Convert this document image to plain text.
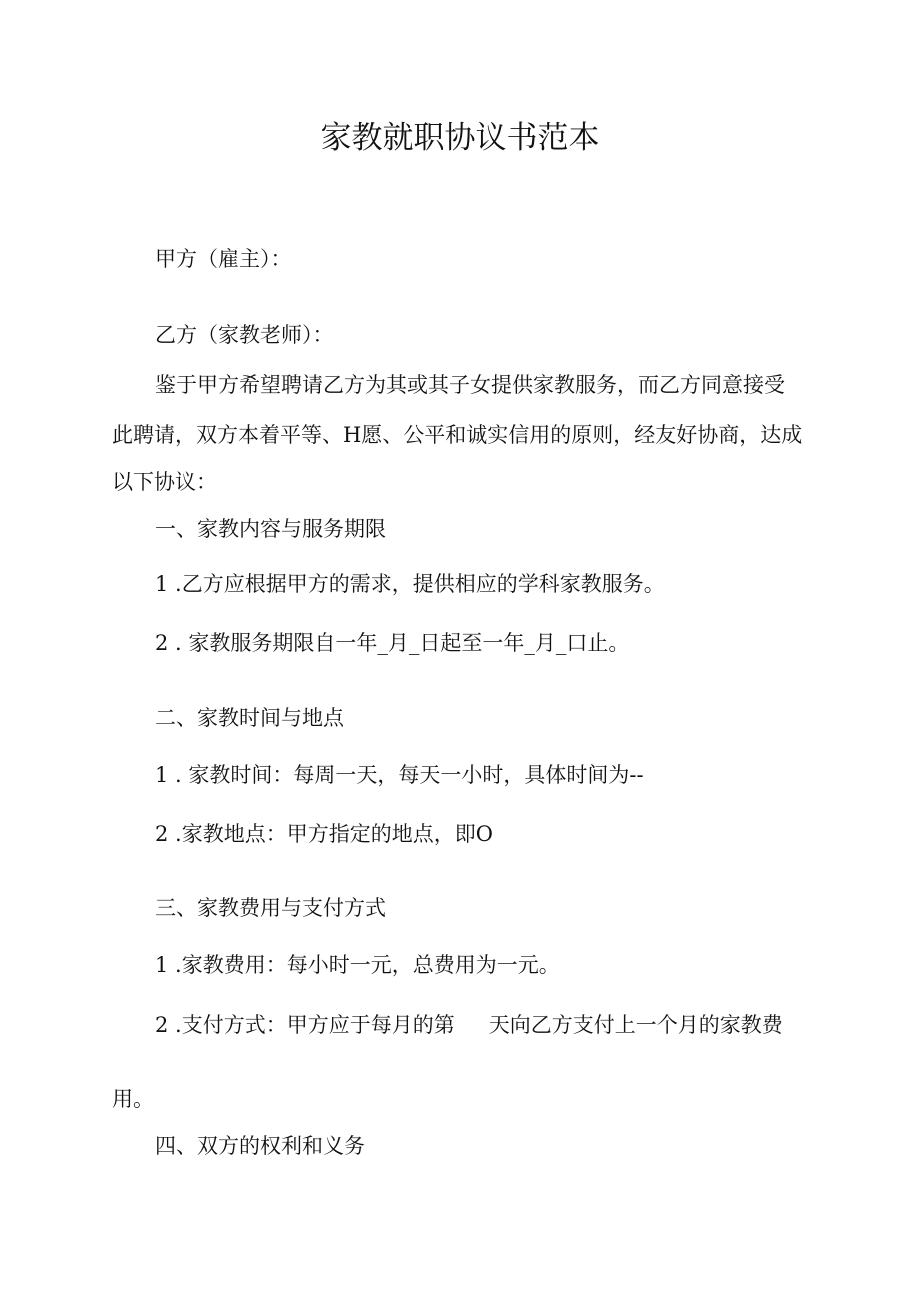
家教就职协议书范本

甲方（雇主）：

乙方（家教老师）：

鉴于甲方希望聘请乙方为其或其子女提供家教服务，而乙方同意接受

此聘请，双方本着平等、H愿、公平和诚实信用的原则，经友好协商，达成

以下协议：

一、家教内容与服务期限

1 .乙方应根据甲方的需求，提供相应的学科家教服务。

2 . 家教服务期限自一年_月_日起至一年_月_口止。

二、家教时间与地点

1 . 家教时间：每周一天，每天一小时，具体时间为--

2 .家教地点：甲方指定的地点，即O

三、家教费用与支付方式

1 .家教费用：每小时一元，总费用为一元。

2 .支付方式：甲方应于每月的第 天向乙方支付上一个月的家教费

用。

四、双方的权利和义务
